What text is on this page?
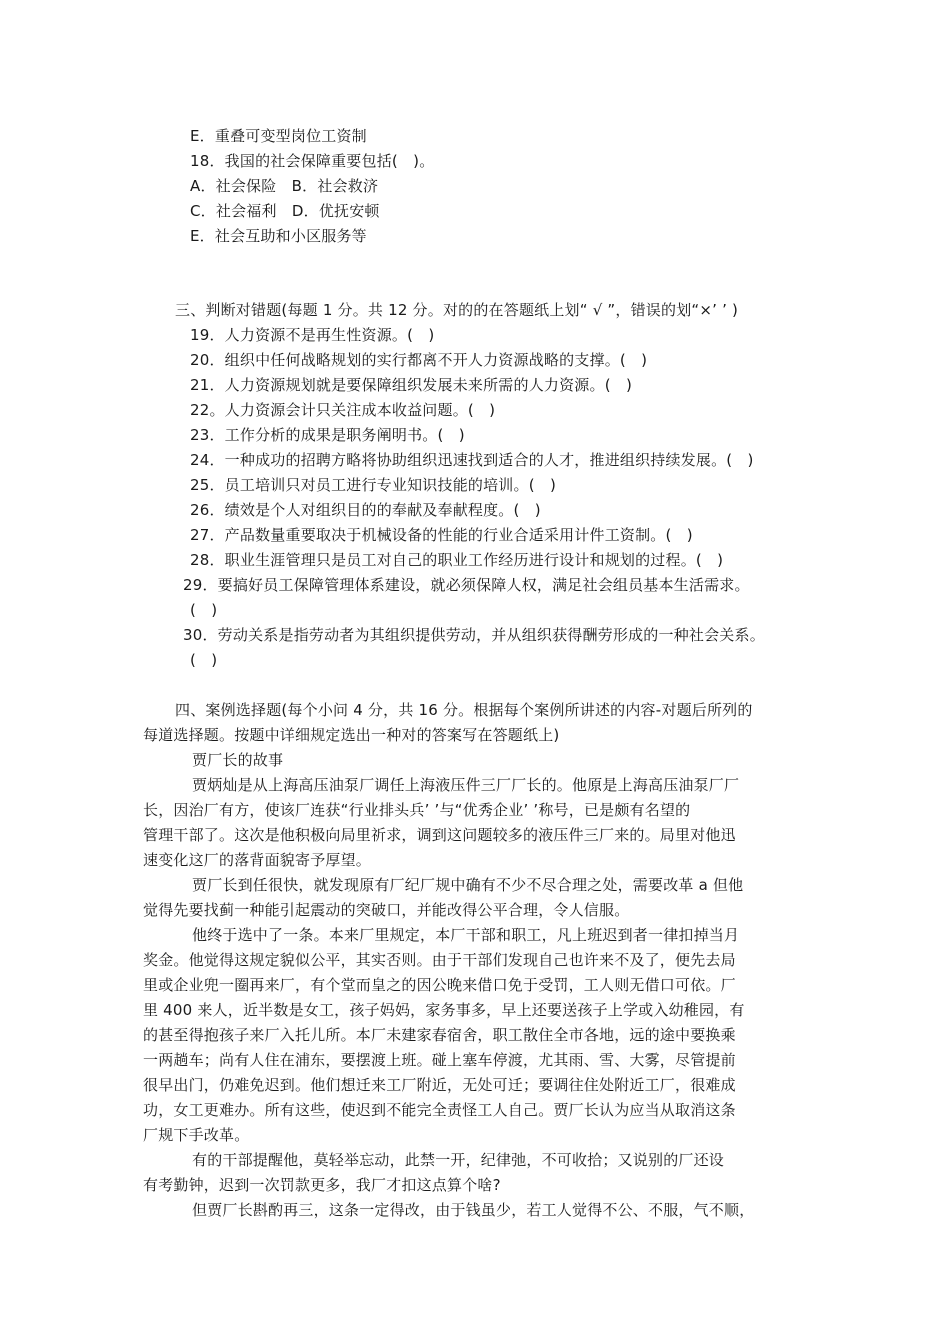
E．重叠可变型岗位工资制
18．我国的社会保障重要包括(　)。
A．社会保险　B．社会救济
C．社会福利　D．优抚安顿
E．社会互助和小区服务等
三、判断对错题(每题 1 分。共 12 分。对的的在答题纸上划“ √ ”，错误的划“×’ ’ )
19．人力资源不是再生性资源。(　)
20．组织中任何战略规划的实行都离不开人力资源战略的支撑。(　)
21．人力资源规划就是要保障组织发展未来所需的人力资源。(　)
22。人力资源会计只关注成本收益问题。(　)
23．工作分析的成果是职务阐明书。(　)
24．一种成功的招聘方略将协助组织迅速找到适合的人才，推进组织持续发展。(　)
25．员工培训只对员工进行专业知识技能的培训。(　)
26．绩效是个人对组织目的的奉献及奉献程度。(　)
27．产品数量重要取决于机械设备的性能的行业合适采用计件工资制。(　)
28．职业生涯管理只是员工对自己的职业工作经历进行设计和规划的过程。(　)
29．要搞好员工保障管理体系建设，就必须保障人权，满足社会组员基本生活需求。
(　)
30．劳动关系是指劳动者为其组织提供劳动，并从组织获得酬劳形成的一种社会关系。
(　)
四、案例选择题(每个小问 4 分，共 16 分。根据每个案例所讲述的内容-对题后所列的
每道选择题。按题中详细规定选出一种对的答案写在答题纸上)
贾厂长的故事
贾炳灿是从上海高压油泵厂调任上海液压件三厂厂长的。他原是上海高压油泵厂厂
长，因治厂有方，使该厂连获“行业排头兵’ ’与“优秀企业’ ’称号，已是颇有名望的
管理干部了。这次是他积极向局里祈求，调到这问题较多的液压件三厂来的。局里对他迅
速变化这厂的落背面貌寄予厚望。
贾厂长到任很快，就发现原有厂纪厂规中确有不少不尽合理之处，需要改革 a 但他
觉得先要找蓟一种能引起震动的突破口，并能改得公平合理，令人信服。
他终于选中了一条。本来厂里规定，本厂干部和职工，凡上班迟到者一律扣掉当月
奖金。他觉得这规定貌似公平，其实否则。由于干部们发现自己也许来不及了，便先去局
里或企业兜一圈再来厂，有个堂而皇之的因公晚来借口免于受罚，工人则无借口可依。厂
里 400 来人，近半数是女工，孩子妈妈，家务事多，早上还要送孩子上学或入幼稚园，有
的甚至得抱孩子来厂入托儿所。本厂未建家春宿舍，职工散住全市各地，远的途中要换乘
一两趟车；尚有人住在浦东，要摆渡上班。碰上塞车停渡，尤其雨、雪、大雾，尽管提前
很早出门，仍难免迟到。他们想迁来工厂附近，无处可迁；要调往住处附近工厂，很难成
功，女工更难办。所有这些，使迟到不能完全责怪工人自己。贾厂长认为应当从取消这条
厂规下手改革。
有的干部提醒他，莫轻举忘动，此禁一开，纪律弛，不可收拾；又说别的厂还设
有考勤钟，迟到一次罚款更多，我厂才扣这点算个啥?
但贾厂长斟酌再三，这条一定得改，由于钱虽少，若工人觉得不公、不服，气不顺，
